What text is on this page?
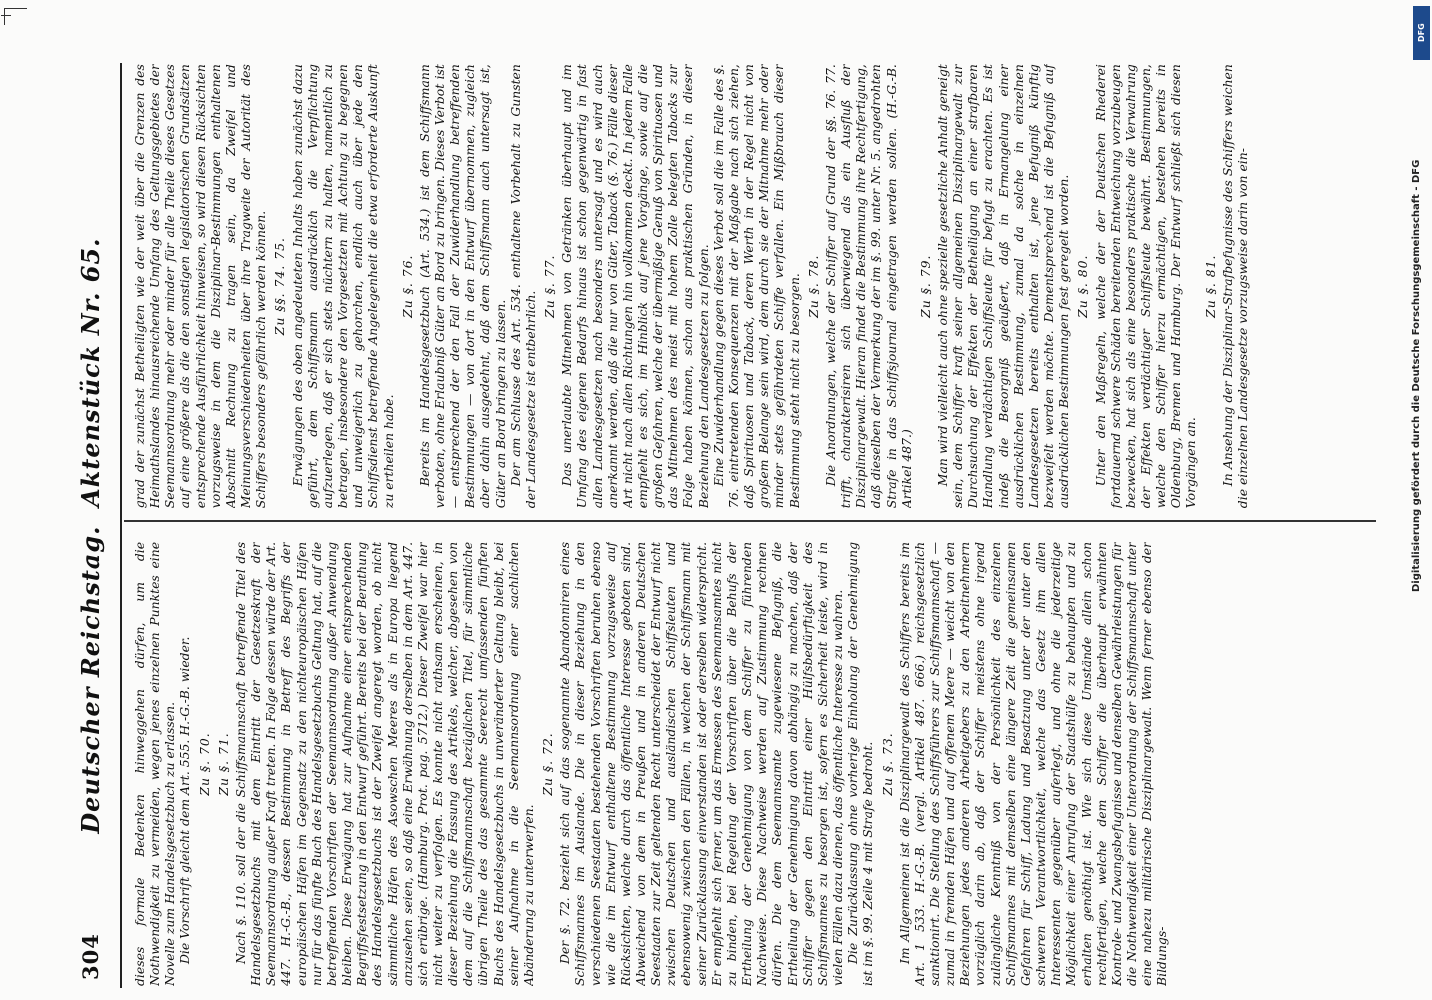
304
Deutscher Reichstag.
Aktenstück Nr. 65.

dieses formale Bedenken hinweggehen dürfen, um die Nothwendigkeit zu vermeiden, wegen jenes einzelnen Punktes eine Novelle zum Handelsgesetzbuch zu erlassen. Die Vorschrift gleicht dem Art. 555. H.-G.-B. wieder. Zu §. 70. Zu §. 71. Nach §. 110. soll der die Schiffsmannschaft betreffende Titel des Handelsgesetzbuchs mit dem Eintritt der Gesetzeskraft der Seemannsordnung außer Kraft treten. In Folge dessen würde der Art. 447. H.-G.-B., dessen Bestimmung in Betreff des Begriffs der europäischen Häfen im Gegensatz zu den nichteuropäischen Häfen nur für das fünfte Buch des Handelsgesetzbuchs Geltung hat, auf die betreffenden Vorschriften der Seemannsordnung außer Anwendung bleiben. Diese Erwägung hat zur Aufnahme einer entsprechenden Begriffsfestsetzung in den Entwurf geführt. Bereits bei der Berathung des Handelsgesetzbuchs ist der Zweifel angeregt worden, ob nicht sämmtliche Häfen des Asowschen Meeres als in Europa liegend anzusehen seien, so daß eine Erwähnung derselben in dem Art. 447. sich erübrige. (Hamburg. Prot. pag. 5712.) Dieser Zweifel war hier nicht weiter zu verfolgen. Es konnte nicht rathsam erscheinen, in dieser Beziehung die Fassung des Artikels, welcher, abgesehen von dem auf die Schiffsmannschaft bezüglichen Titel, für sämmtliche übrigen Theile des das gesammte Seerecht umfassenden fünften Buchs des Handelsgesetzbuchs in unveränderter Geltung bleibt, bei seiner Aufnahme in die Seemannsordnung einer sachlichen Abänderung zu unterwerfen.

Zu §. 72. Der §. 72. bezieht sich auf das sogenannte Abandonniren eines Schiffsmannes im Auslande. Die in dieser Beziehung in den verschiedenen Seestaaten bestehenden Vorschriften beruhen ebenso wie die im Entwurf enthaltene Bestimmung vorzugsweise auf Rücksichten, welche durch das öffentliche Interesse geboten sind. Abweichend von dem in Preußen und in anderen Deutschen Seestaaten zur Zeit geltenden Recht unterscheidet der Entwurf nicht zwischen Deutschen und ausländischen Schiffsleuten und ebensowenig zwischen den Fällen, in welchen der Schiffsmann mit seiner Zurücklassung einverstanden ist oder derselben widerspricht. Er empfiehlt sich ferner, um das Ermessen des Seemannsamtes nicht zu binden, bei Regelung der Vorschriften über die Behufs der Ertheilung der Genehmigung von dem Schiffer zu führenden Nachweise. Diese Nachweise werden auf Zustimmung rechnen dürfen. Die dem Seemannsamte zugewiesene Befugniß, die Ertheilung der Genehmigung davon abhängig zu machen, daß der Schiffer gegen den Eintritt einer Hülfsbedürftigkeit des Schiffsmannes zu besorgen ist, sofern es Sicherheit leiste, wird in vielen Fällen dazu dienen, das öffentliche Interesse zu wahren. Die Zurücklassung ohne vorherige Einholung der Genehmigung ist im §. 99. Zeile 4 mit Strafe bedroht. Zu §. 73. Im Allgemeinen ist die Disziplinargewalt des Schiffers bereits im Art. 1 533. H.-G.-B. (vergl. Artikel 487. 666.) reichsgesetzlich sanktionirt. Die Stellung des Schiffsführers zur Schiffsmannschaft — zumal in fremden Häfen und auf offenem Meere — weicht von den Beziehungen jedes anderen Arbeitgebers zu den Arbeitnehmern vorzüglich darin ab, daß der Schiffer meistens ohne irgend zulängliche Kenntniß von der Persönlichkeit des einzelnen Schiffsmannes mit demselben eine längere Zeit die gemeinsamen Gefahren für Schiff, Ladung und Besatzung unter der unter den schweren Verantwortlichkeit, welche das Gesetz ihm allen Interessenten gegenüber auferlegt, und ohne die jederzeitige Möglichkeit einer Anrufung der Staatshülfe zu behaupten und zu erhalten genöthigt ist. Wie sich diese Umstände allein schon rechtfertigen, welche dem Schiffer die überhaupt erwähnten Kontrole- und Zwangsbefugnisse und denselben Gewährleistungen für die Nothwendigkeit einer Unterordnung der Schiffsmannschaft unter eine nahezu militärische Disziplinargewalt. Wenn ferner ebenso der Bildungs-

grad der zunächst Betheiligten wie der weit über die Grenzen des Heimathslandes hinausreichende Umfang des Geltungsgebietes der Seemannsordnung mehr oder minder für alle Theile dieses Gesetzes auf eine größere als die den sonstigen legislatorischen Grundsätzen entsprechende Ausführlichkeit hinweisen, so wird diesen Rücksichten vorzugsweise in dem die Disziplinar-Bestimmungen enthaltenen Abschnitt Rechnung zu tragen sein, da Zweifel und Meinungsverschiedenheiten über ihre Tragweite der Autorität des Schiffers besonders gefährlich werden können. Zu §§. 74. 75. Erwägungen des oben angedeuteten Inhalts haben zunächst dazu geführt, dem Schiffsmann ausdrücklich die Verpflichtung aufzuerlegen, daß er sich stets nüchtern zu halten, namentlich zu betragen, insbesondere den Vorgesetzten mit Achtung zu begegnen und unweigerlich zu gehorchen, endlich auch über jede den Schiffsdienst betreffende Angelegenheit die etwa erforderte Auskunft zu ertheilen habe.

Zu §. 76. Bereits im Handelsgesetzbuch (Art. 534.) ist dem Schiffsmann verboten, ohne Erlaubniß Güter an Bord zu bringen. Dieses Verbot ist — entsprechend der den Fall der Zuwiderhandlung betreffenden Bestimmungen — von dort in den Entwurf übernommen, zugleich aber dahin ausgedehnt, daß dem Schiffsmann auch untersagt ist, Güter an Bord bringen zu lassen. Der am Schlusse des Art. 534. enthaltene Vorbehalt zu Gunsten der Landesgesetze ist entbehrlich.

Zu §. 77. Das unerlaubte Mitnehmen von Getränken überhaupt und im Umfang des eigenen Bedarfs hinaus ist schon gegenwärtig in fast allen Landesgesetzen nach besonders untersagt und es wird auch anerkannt werden, daß die nur von Güter, Taback (§. 76.) Fälle dieser Art nicht nach allen Richtungen hin vollkommen deckt. In jedem Falle empfiehlt es sich, im Hinblick auf jene Vorgänge, sowie auf die großen Gefahren, welche der übermäßige Genuß von Spirituosen und das Mitnehmen des meist mit hohem Zolle belegten Tabacks zur Folge haben können, schon aus praktischen Gründen, in dieser Beziehung den Landesgesetzen zu folgen. Eine Zuwiderhandlung gegen dieses Verbot soll die im Falle des §. 76. eintretenden Konsequenzen mit der Maßgabe nach sich ziehen, daß Spirituosen und Taback, deren Werth in der Regel nicht von großem Belange sein wird, dem durch sie der Mitnahme mehr oder minder stets gefährdeten Schiffe verfallen. Ein Mißbrauch dieser Bestimmung steht nicht zu besorgen. Zu §. 78. Die Anordnungen, welche der Schiffer auf Grund der §§. 76. 77. trifft, charakterisiren sich überwiegend als ein Ausfluß der Disziplinargewalt. Hieran findet die Bestimmung ihre Rechtfertigung, daß dieselben der Vermerkung der im §. 99. unter Nr. 5. angedrohten Strafe in das Schiffsjournal eingetragen werden sollen. (H.-G.-B. Artikel 487.)

Zu §. 79. Man wird vielleicht auch ohne spezielle gesetzliche Anhalt geneigt sein, dem Schiffer kraft seiner allgemeinen Disziplinargewalt zur Durchsuchung der Effekten der Betheiligung an einer strafbaren Handlung verdächtigen Schiffsleute für befugt zu erachten. Es ist indeß die Besorgniß geäußert, daß in Ermangelung einer ausdrücklichen Bestimmung, zumal da solche in einzelnen Landesgesetzen bereits enthalten ist, jene Befugniß künftig bezweifelt werden möchte. Dementsprechend ist die Befugniß auf ausdrücklichen Bestimmungen fest geregelt worden. Zu §. 80. Unter den Maßregeln, welche der der Deutschen Rhederei fortdauernd schwere Schäden bereitenden Entweichung vorzubeugen bezwecken, hat sich als eine besonders praktische die Verwahrung der Effekten verdächtiger Schiffsleute bewährt. Bestimmungen, welche den Schiffer hierzu ermächtigen, bestehen bereits in Oldenburg, Bremen und Hamburg. Der Entwurf schließt sich diesen Vorgängen an.

Zu §. 81. In Ansehung der Disziplinar-Strafbefugnisse des Schiffers weichen die einzelnen Landesgesetze vorzugsweise darin von ein-

DFG
Digitalisierung gefördert durch die Deutsche Forschungsgemeinschaft - DFG
